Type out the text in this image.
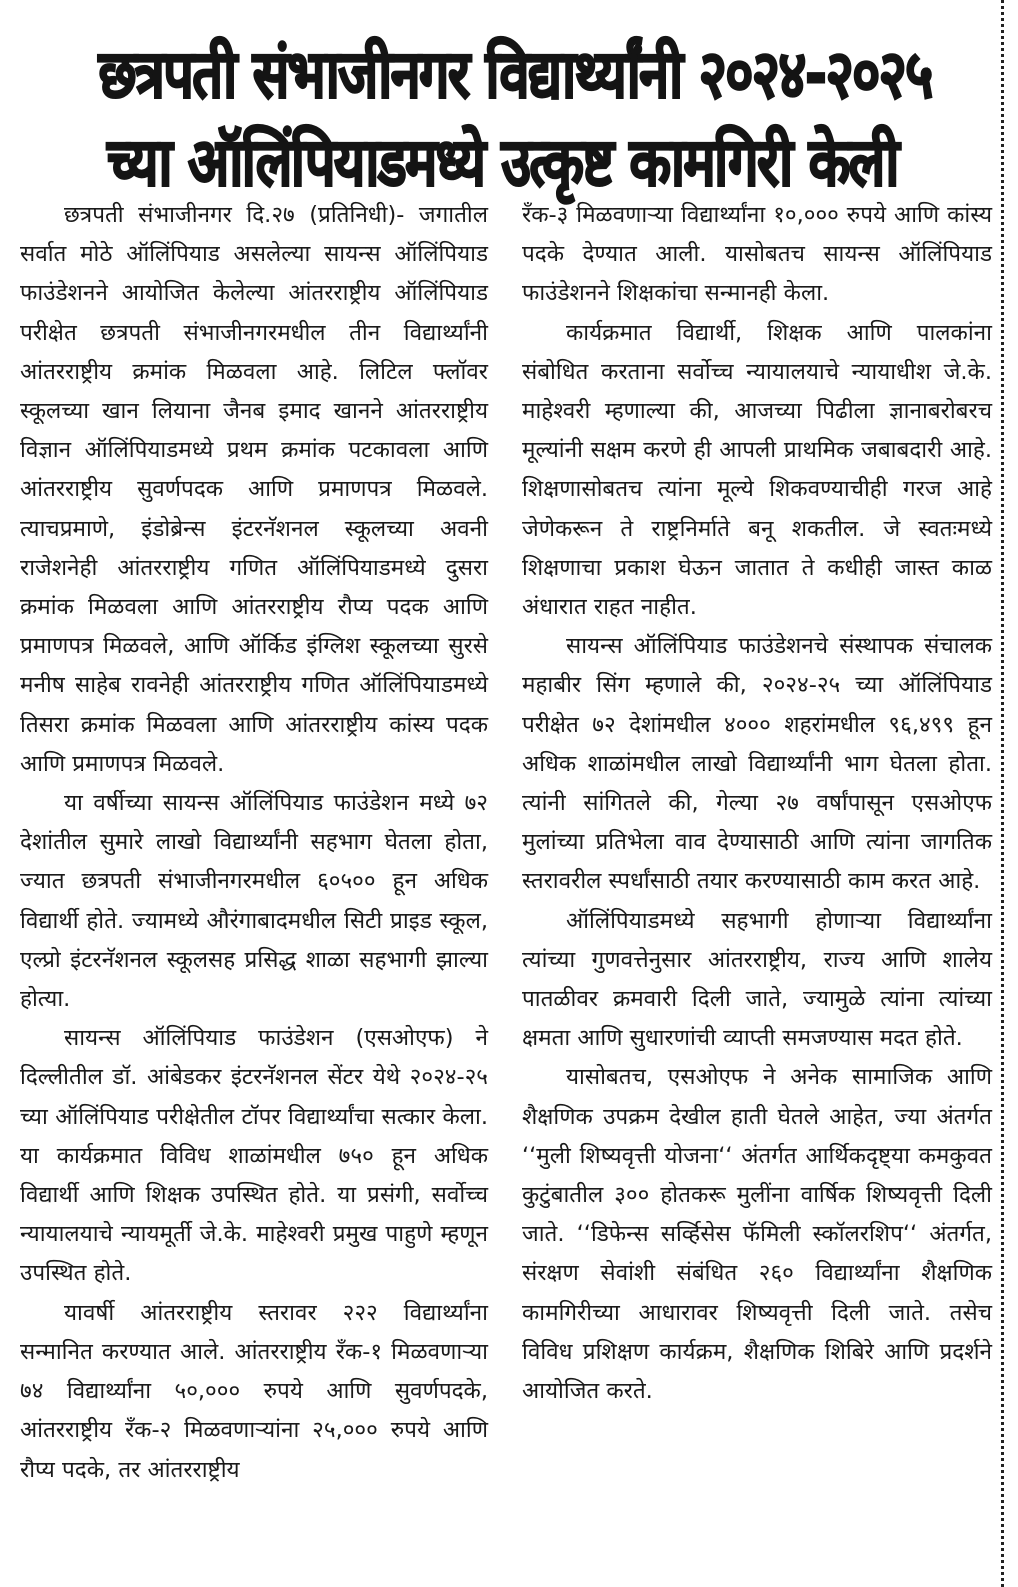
छत्रपती संभाजीनगर विद्यार्थ्यांनी २०२४-२०२५
च्या ऑलिंपियाडमध्ये उत्कृष्ट कामगिरी केली

छत्रपती संभाजीनगर दि.२७ (प्रतिनिधी)- जगातील सर्वात मोठे ऑलिंपियाड असलेल्या सायन्स ऑलिंपियाड फाउंडेशनने आयोजित केलेल्या आंतरराष्ट्रीय ऑलिंपियाड परीक्षेत छत्रपती संभाजीनगरमधील तीन विद्यार्थ्यांनी आंतरराष्ट्रीय क्रमांक मिळवला आहे. लिटिल फ्लॉवर स्कूलच्या खान लियाना जैनब इमाद खानने आंतरराष्ट्रीय विज्ञान ऑलिंपियाडमध्ये प्रथम क्रमांक पटकावला आणि आंतरराष्ट्रीय सुवर्णपदक आणि प्रमाणपत्र मिळवले. त्याचप्रमाणे, इंडोब्रेन्स इंटरनॅशनल स्कूलच्या अवनी राजेशनेही आंतरराष्ट्रीय गणित ऑलिंपियाडमध्ये दुसरा क्रमांक मिळवला आणि आंतरराष्ट्रीय रौप्य पदक आणि प्रमाणपत्र मिळवले, आणि ऑर्किड इंग्लिश स्कूलच्या सुरसे मनीष साहेब रावनेही आंतरराष्ट्रीय गणित ऑलिंपियाडमध्ये तिसरा क्रमांक मिळवला आणि आंतरराष्ट्रीय कांस्य पदक आणि प्रमाणपत्र मिळवले.

या वर्षीच्या सायन्स ऑलिंपियाड फाउंडेशन मध्ये ७२ देशांतील सुमारे लाखो विद्यार्थ्यांनी सहभाग घेतला होता, ज्यात छत्रपती संभाजीनगरमधील ६०५०० हून अधिक विद्यार्थी होते. ज्यामध्ये औरंगाबादमधील सिटी प्राइड स्कूल, एल्प्रो इंटरनॅशनल स्कूलसह प्रसिद्ध शाळा सहभागी झाल्या होत्या.

सायन्स ऑलिंपियाड फाउंडेशन (एसओएफ) ने दिल्लीतील डॉ. आंबेडकर इंटरनॅशनल सेंटर येथे २०२४-२५ च्या ऑलिंपियाड परीक्षेतील टॉपर विद्यार्थ्यांचा सत्कार केला. या कार्यक्रमात विविध शाळांमधील ७५० हून अधिक विद्यार्थी आणि शिक्षक उपस्थित होते. या प्रसंगी, सर्वोच्च न्यायालयाचे न्यायमूर्ती जे.के. माहेश्वरी प्रमुख पाहुणे म्हणून उपस्थित होते.

यावर्षी आंतरराष्ट्रीय स्तरावर २२२ विद्यार्थ्यांना सन्मानित करण्यात आले. आंतरराष्ट्रीय रँक-१ मिळवणाऱ्या ७४ विद्यार्थ्यांना ५०,००० रुपये आणि सुवर्णपदके, आंतरराष्ट्रीय रँक-२ मिळवणाऱ्यांना २५,००० रुपये आणि रौप्य पदके, तर आंतरराष्ट्रीय

रँक-३ मिळवणाऱ्या विद्यार्थ्यांना १०,००० रुपये आणि कांस्य पदके देण्यात आली. यासोबतच सायन्स ऑलिंपियाड फाउंडेशनने शिक्षकांचा सन्मानही केला.

कार्यक्रमात विद्यार्थी, शिक्षक आणि पालकांना संबोधित करताना सर्वोच्च न्यायालयाचे न्यायाधीश जे.के. माहेश्वरी म्हणाल्या की, आजच्या पिढीला ज्ञानाबरोबरच मूल्यांनी सक्षम करणे ही आपली प्राथमिक जबाबदारी आहे. शिक्षणासोबतच त्यांना मूल्ये शिकवण्याचीही गरज आहे जेणेकरून ते राष्ट्रनिर्माते बनू शकतील. जे स्वतःमध्ये शिक्षणाचा प्रकाश घेऊन जातात ते कधीही जास्त काळ अंधारात राहत नाहीत.

सायन्स ऑलिंपियाड फाउंडेशनचे संस्थापक संचालक महाबीर सिंग म्हणाले की, २०२४-२५ च्या ऑलिंपियाड परीक्षेत ७२ देशांमधील ४००० शहरांमधील ९६,४९९ हून अधिक शाळांमधील लाखो विद्यार्थ्यांनी भाग घेतला होता. त्यांनी सांगितले की, गेल्या २७ वर्षांपासून एसओएफ मुलांच्या प्रतिभेला वाव देण्यासाठी आणि त्यांना जागतिक स्तरावरील स्पर्धांसाठी तयार करण्यासाठी काम करत आहे.

ऑलिंपियाडमध्ये सहभागी होणाऱ्या विद्यार्थ्यांना त्यांच्या गुणवत्तेनुसार आंतरराष्ट्रीय, राज्य आणि शालेय पातळीवर क्रमवारी दिली जाते, ज्यामुळे त्यांना त्यांच्या क्षमता आणि सुधारणांची व्याप्ती समजण्यास मदत होते.

यासोबतच, एसओएफ ने अनेक सामाजिक आणि शैक्षणिक उपक्रम देखील हाती घेतले आहेत, ज्या अंतर्गत ‘‘मुली शिष्यवृत्ती योजना‘‘ अंतर्गत आर्थिकदृष्ट्या कमकुवत कुटुंबातील ३०० होतकरू मुलींना वार्षिक शिष्यवृत्ती दिली जाते. ‘‘डिफेन्स सर्व्हिसेस फॅमिली स्कॉलरशिप‘‘ अंतर्गत, संरक्षण सेवांशी संबंधित २६० विद्यार्थ्यांना शैक्षणिक कामगिरीच्या आधारावर शिष्यवृत्ती दिली जाते. तसेच विविध प्रशिक्षण कार्यक्रम, शैक्षणिक शिबिरे आणि प्रदर्शने आयोजित करते.
